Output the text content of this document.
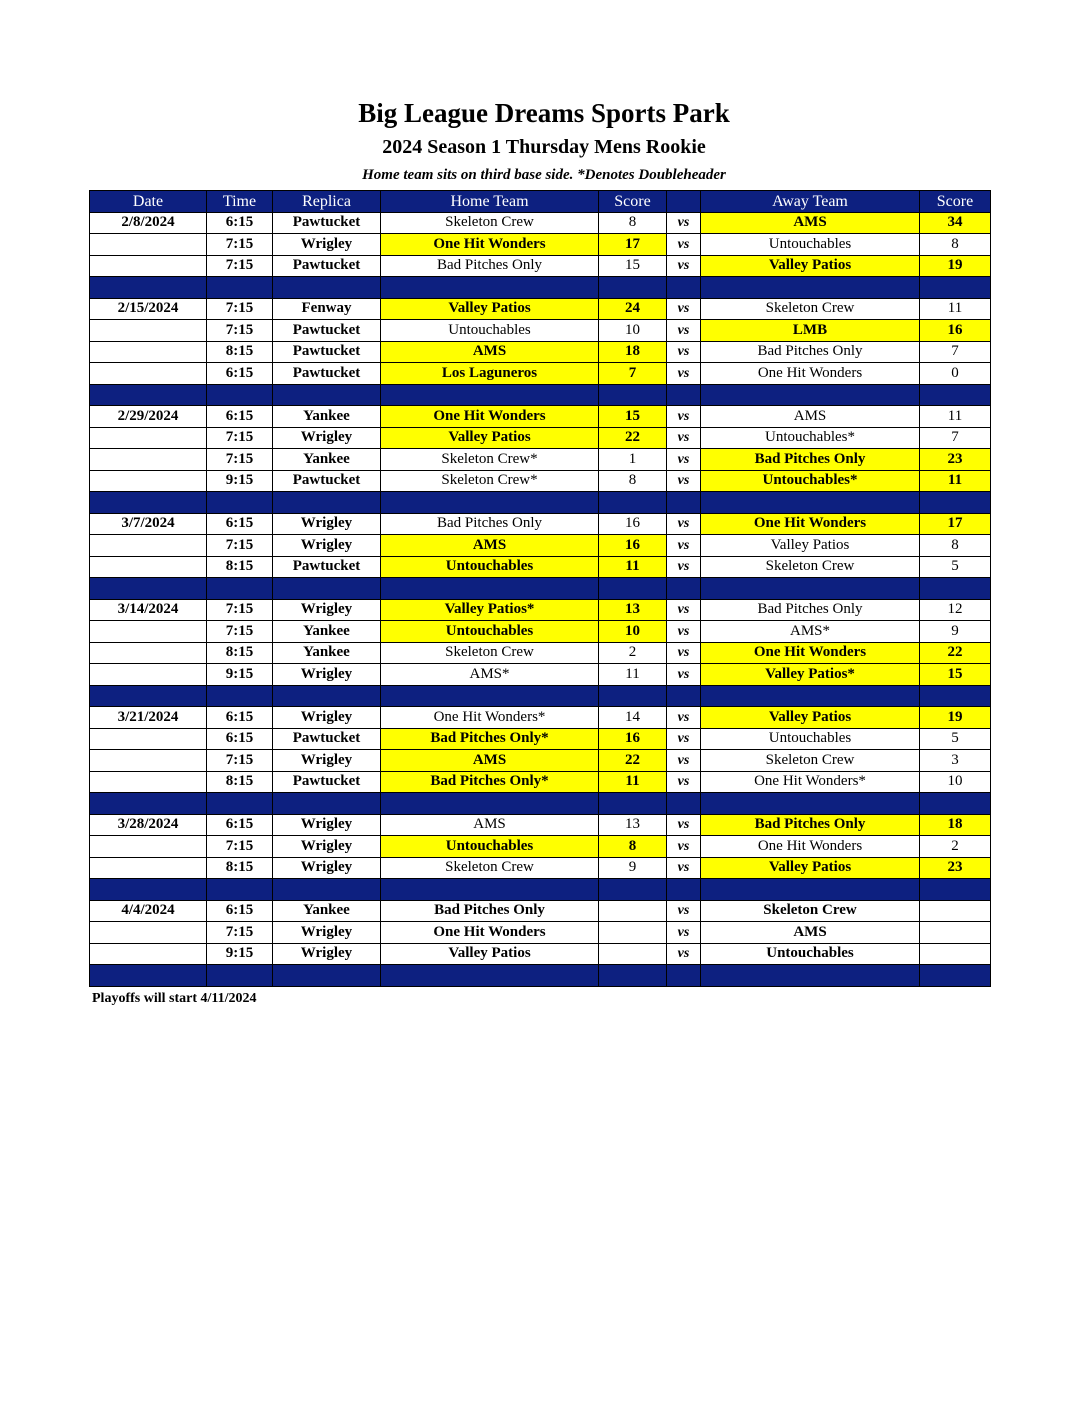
Big League Dreams Sports Park
2024 Season 1 Thursday Mens Rookie
Home team sits on third base side. *Denotes Doubleheader
Date	Time	Replica	Home Team	Score		Away Team	Score
2/8/2024	6:15	Pawtucket	Skeleton Crew	8	vs	AMS	34
	7:15	Wrigley	One Hit Wonders	17	vs	Untouchables	8
	7:15	Pawtucket	Bad Pitches Only	15	vs	Valley Patios	19

2/15/2024	7:15	Fenway	Valley Patios	24	vs	Skeleton Crew	11
	7:15	Pawtucket	Untouchables	10	vs	LMB	16
	8:15	Pawtucket	AMS	18	vs	Bad Pitches Only	7
	6:15	Pawtucket	Los Laguneros	7	vs	One Hit Wonders	0

2/29/2024	6:15	Yankee	One Hit Wonders	15	vs	AMS	11
	7:15	Wrigley	Valley Patios	22	vs	Untouchables*	7
	7:15	Yankee	Skeleton Crew*	1	vs	Bad Pitches Only	23
	9:15	Pawtucket	Skeleton Crew*	8	vs	Untouchables*	11

3/7/2024	6:15	Wrigley	Bad Pitches Only	16	vs	One Hit Wonders	17
	7:15	Wrigley	AMS	16	vs	Valley Patios	8
	8:15	Pawtucket	Untouchables	11	vs	Skeleton Crew	5

3/14/2024	7:15	Wrigley	Valley Patios*	13	vs	Bad Pitches Only	12
	7:15	Yankee	Untouchables	10	vs	AMS*	9
	8:15	Yankee	Skeleton Crew	2	vs	One Hit Wonders	22
	9:15	Wrigley	AMS*	11	vs	Valley Patios*	15

3/21/2024	6:15	Wrigley	One Hit Wonders*	14	vs	Valley Patios	19
	6:15	Pawtucket	Bad Pitches Only*	16	vs	Untouchables	5
	7:15	Wrigley	AMS	22	vs	Skeleton Crew	3
	8:15	Pawtucket	Bad Pitches Only*	11	vs	One Hit Wonders*	10

3/28/2024	6:15	Wrigley	AMS	13	vs	Bad Pitches Only	18
	7:15	Wrigley	Untouchables	8	vs	One Hit Wonders	2
	8:15	Wrigley	Skeleton Crew	9	vs	Valley Patios	23

4/4/2024	6:15	Yankee	Bad Pitches Only		vs	Skeleton Crew	
	7:15	Wrigley	One Hit Wonders		vs	AMS	
	9:15	Wrigley	Valley Patios		vs	Untouchables	

Playoffs will start 4/11/2024
